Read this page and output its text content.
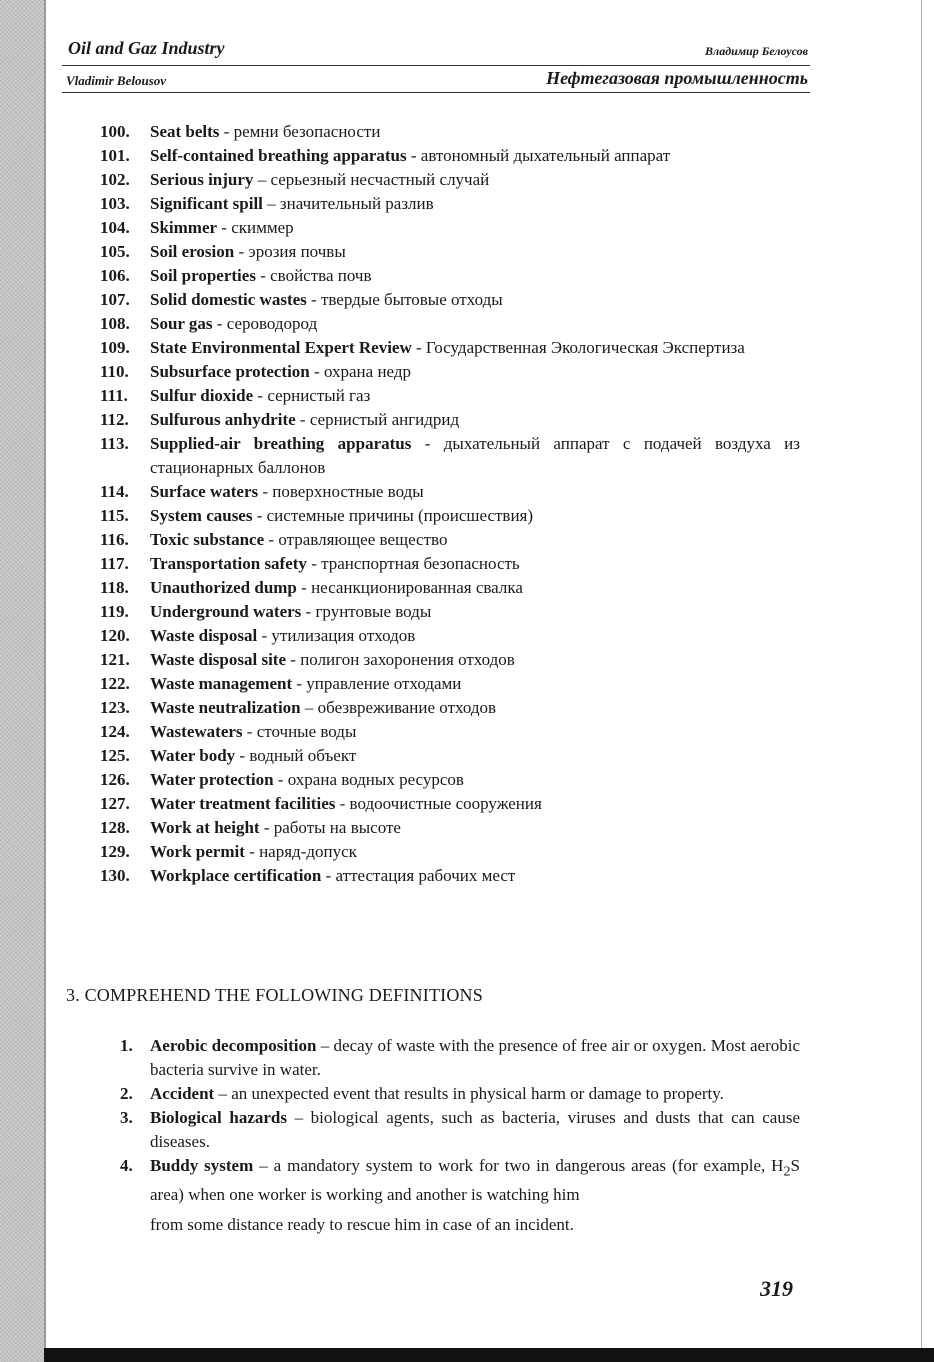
Oil and Gaz Industry	Владимир Белоусов
Vladimir Belousov	Нефтегазовая промышленность
100.	Seat belts - ремни безопасности
101.	Self-contained breathing apparatus - автономный дыхательный аппарат
102.	Serious injury – серьезный несчастный случай
103.	Significant spill – значительный разлив
104.	Skimmer - скиммер
105.	Soil erosion - эрозия почвы
106.	Soil properties - свойства почв
107.	Solid domestic wastes - твердые бытовые отходы
108.	Sour gas - сероводород
109.	State Environmental Expert Review - Государственная Экологическая Экспертиза
110.	Subsurface protection - охрана недр
111.	Sulfur dioxide - сернистый газ
112.	Sulfurous anhydrite - сернистый ангидрид
113.	Supplied-air breathing apparatus - дыхательный аппарат с подачей воздуха из стационарных баллонов
114.	Surface waters - поверхностные воды
115.	System causes - системные причины (происшествия)
116.	Toxic substance - отравляющее вещество
117.	Transportation safety - транспортная безопасность
118.	Unauthorized dump - несанкционированная свалка
119.	Underground waters - грунтовые воды
120.	Waste disposal - утилизация отходов
121.	Waste disposal site - полигон захоронения отходов
122.	Waste management - управление отходами
123.	Waste neutralization – обезвреживание отходов
124.	Wastewaters - сточные воды
125.	Water body - водный объект
126.	Water protection - охрана водных ресурсов
127.	Water treatment facilities - водоочистные сооружения
128.	Work at height - работы на высоте
129.	Work permit - наряд-допуск
130.	Workplace certification - аттестация рабочих мест
3. COMPREHEND THE FOLLOWING DEFINITIONS
1. Aerobic decomposition – decay of waste with the presence of free air or oxygen. Most aerobic bacteria survive in water.
2. Accident – an unexpected event that results in physical harm or damage to property.
3. Biological hazards – biological agents, such as bacteria, viruses and dusts that can cause diseases.
4. Buddy system – a mandatory system to work for two in dangerous areas (for example, $H_2S$ area) when one worker is working and another is watching him
from some distance ready to rescue him in case of an incident.
319
